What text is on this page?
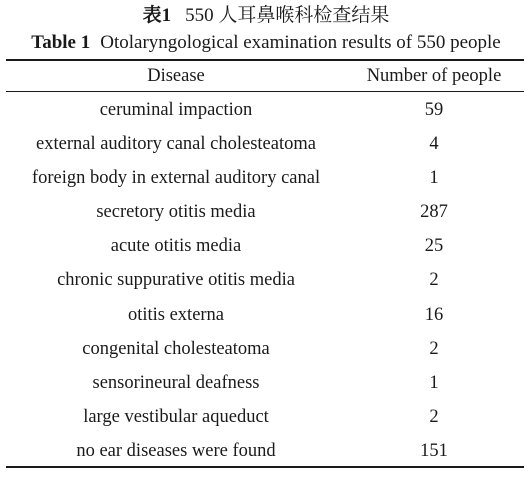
表1 550 人耳鼻喉科检查结果
Table 1 Otolaryngological examination results of 550 people
Disease	Number of people
ceruminal impaction	59
external auditory canal cholesteatoma	4
foreign body in external auditory canal	1
secretory otitis media	287
acute otitis media	25
chronic suppurative otitis media	2
otitis externa	16
congenital cholesteatoma	2
sensorineural deafness	1
large vestibular aqueduct	2
no ear diseases were found	151
